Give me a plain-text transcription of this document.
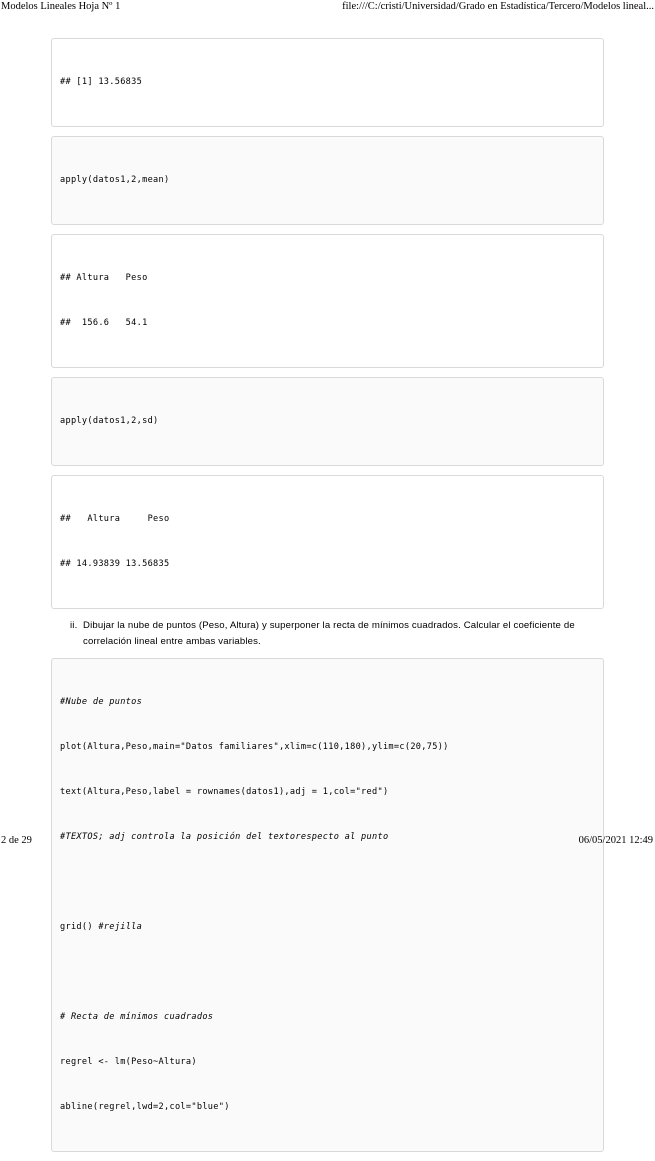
Modelos Lineales Hoja Nº 1	file:///C:/cristi/Universidad/Grado en Estadística/Tercero/Modelos lineal...

## [1] 13.56835

apply(datos1,2,mean)

## Altura   Peso

##  156.6   54.1

apply(datos1,2,sd)

##   Altura     Peso

## 14.93839 13.56835

ii. Dibujar la nube de puntos (Peso, Altura) y superponer la recta de mínimos cuadrados. Calcular el coeficiente de correlación lineal entre ambas variables.

#Nube de puntos

plot(Altura,Peso,main="Datos familiares",xlim=c(110,180),ylim=c(20,75))

text(Altura,Peso,label = rownames(datos1),adj = 1,col="red")

#TEXTOS; adj controla la posición del textorespecto al punto

grid() #rejilla

# Recta de mínimos cuadrados

regrel <- lm(Peso~Altura)

abline(regrel,lwd=2,col="blue")

2 de 29	06/05/2021 12:49
